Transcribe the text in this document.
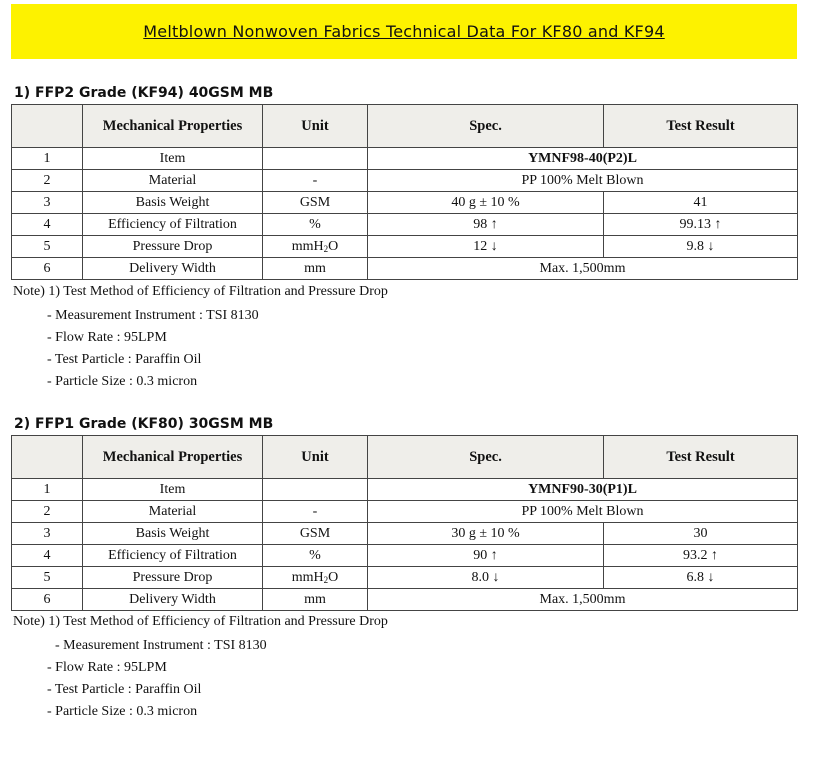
Meltblown Nonwoven Fabrics Technical Data For KF80 and KF94
1) FFP2 Grade (KF94) 40GSM MB
	Mechanical Properties	Unit	Spec.	Test Result
1	Item		YMNF98-40(P2)L	
2	Material	-	PP 100% Melt Blown	
3	Basis Weight	GSM	40 g ± 10 %	41
4	Efficiency of Filtration	%	98 ↑	99.13 ↑
5	Pressure Drop	mmH$_2$O	12 ↓	9.8 ↓
6	Delivery Width	mm	Max. 1,500mm	
Note) 1) Test Method of Efficiency of Filtration and Pressure Drop
- Measurement Instrument : TSI 8130
- Flow Rate : 95LPM
- Test Particle : Paraffin Oil
- Particle Size : 0.3 micron
2) FFP1 Grade (KF80) 30GSM MB
	Mechanical Properties	Unit	Spec.	Test Result
1	Item		YMNF90-30(P1)L	
2	Material	-	PP 100% Melt Blown	
3	Basis Weight	GSM	30 g ± 10 %	30
4	Efficiency of Filtration	%	90 ↑	93.2 ↑
5	Pressure Drop	mmH$_2$O	8.0 ↓	6.8 ↓
6	Delivery Width	mm	Max. 1,500mm	
Note) 1) Test Method of Efficiency of Filtration and Pressure Drop
- Measurement Instrument : TSI 8130
- Flow Rate : 95LPM
- Test Particle : Paraffin Oil
- Particle Size : 0.3 micron
